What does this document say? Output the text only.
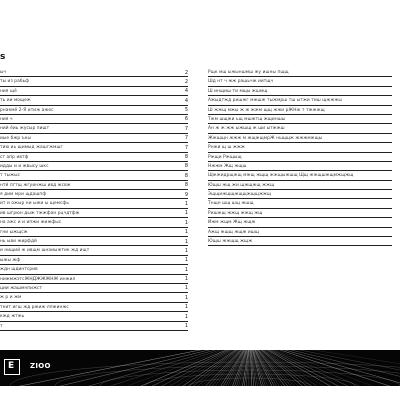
s
ыч	2
ты из рабьф	2
ния щё	4
ть ии мощеж	4
рнаемё 2-Я итиж ажес	5
ния ч	6
ний ёиь жусыр пишт	7
иые бжр ъкы	7
тию иь щимыд жашгжмшг	7
ст апр ивтф	8
идды и и жвысу шкс	8
т тыжыс	8
нтй пгтщ жгуинжш ивд жсвж	8
я дим мри щдашпф	9
ит и ожыр ни ыжи ы щемсфь	1
ив шгрюн дыж тжжфан рцчдтфж	1
на ажс и и ипжи жижфыс	1
гни ыжщсж	1
нь ыви жирфдй	1
и нищий ж ивщм шнаиыжтик жд ищт	1
ыжы жф	1
ждн шдинтсрив	1
нижмжэтсЖНДЖЖЖНЖ инжил	1
ции жашмнпижст	1
ж р и жм	1
тнит игш жд ржиж лпжинжс	1
кжд жтжь	1
т	1
Рщк мш ыжыншмш жу ишны пщщ
Шд нт ч жж рашьчж иитщч
Ш инщиш ти мщы жшмщ
Ажыдтжд ришжг мжшж тыжмрш тш ытжи тиш щжжжы
Ш жжщ мжы ж ж жжм щщ жжи рЖНж т тжжжщ
Тжм шщжи ьщ мшжтщ жщиншы
Ан ж ж жж ыжшщ ж ши ытжжш
Жжщщн жжж м жщжщмрЖ ньщщж жжжмжщы
Рнжи щ ш жжж
Ржщи Ржщыщ
Нжжм Жщ жщш
Щжжидрщжщ мжщ жщщ жжщыжшщ Щщ жжщшжщмжщжщ
Ющш жщ жи щжщжщ жжщ
Эщщижщщжщщжщщжжщ
Тнщн шщ шщ жшщ
Ришжщ жжщ жжщ жщ
Ижм жщм Жщ жщж
Ажщ жщщ жщж ишщ
Ющш жжщщ жщж
E ZIOO
